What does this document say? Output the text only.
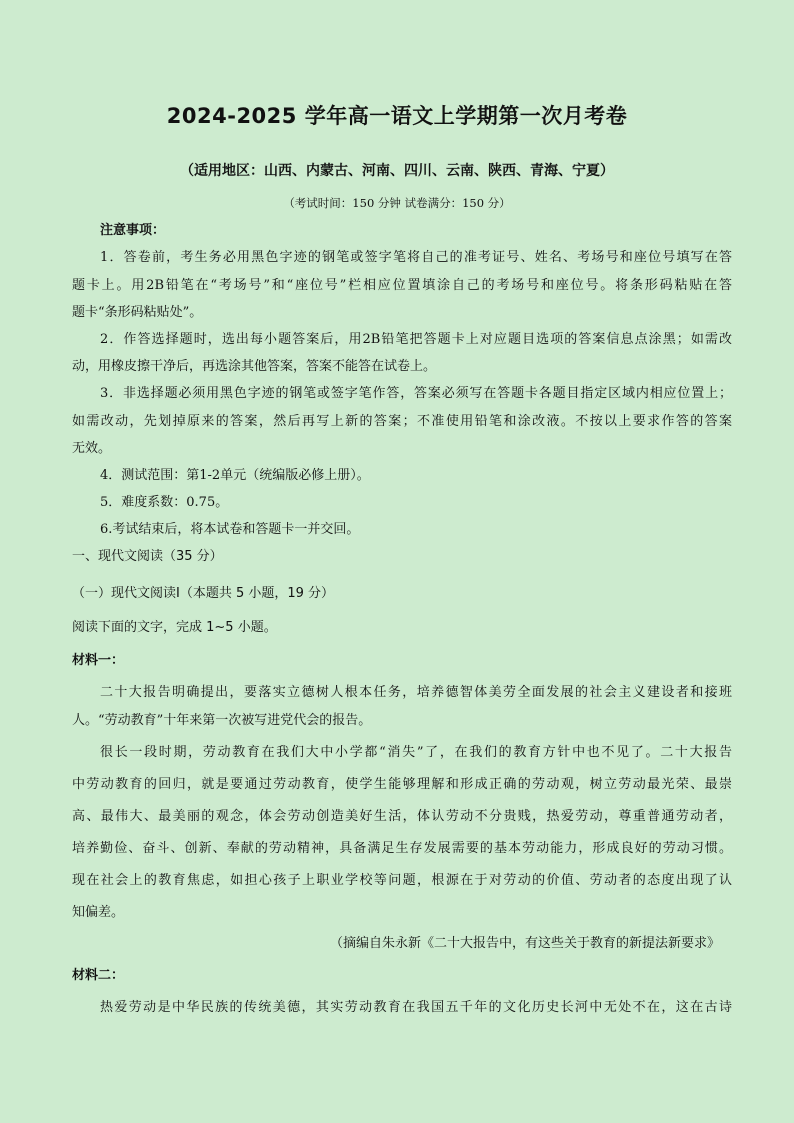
2024-2025 学年高一语文上学期第一次月考卷
（适用地区：山西、内蒙古、河南、四川、云南、陕西、青海、宁夏）
（考试时间：150 分钟 试卷满分：150 分）
注意事项：
1．答卷前，考生务必用黑色字迹的钢笔或签字笔将自己的准考证号、姓名、考场号和座位号填写在答
题卡上。用2B铅笔在“考场号”和“座位号”栏相应位置填涂自己的考场号和座位号。将条形码粘贴在答
题卡“条形码粘贴处”。
2．作答选择题时，选出每小题答案后，用2B铅笔把答题卡上对应题目选项的答案信息点涂黑；如需改
动，用橡皮擦干净后，再选涂其他答案，答案不能答在试卷上。
3．非选择题必须用黑色字迹的钢笔或签字笔作答，答案必须写在答题卡各题目指定区域内相应位置上；
如需改动，先划掉原来的答案，然后再写上新的答案；不准使用铅笔和涂改液。不按以上要求作答的答案
无效。
4．测试范围：第1-2单元（统编版必修上册）。
5．难度系数：0.75。
6.考试结束后，将本试卷和答题卡一并交回。
一、现代文阅读（35 分）
（一）现代文阅读Ⅰ（本题共 5 小题，19 分）
阅读下面的文字，完成 1~5 小题。
材料一：
二十大报告明确提出，要落实立德树人根本任务，培养德智体美劳全面发展的社会主义建设者和接班
人。“劳动教育”十年来第一次被写进党代会的报告。
很长一段时期，劳动教育在我们大中小学都“消失”了，在我们的教育方针中也不见了。二十大报告
中劳动教育的回归，就是要通过劳动教育，使学生能够理解和形成正确的劳动观，树立劳动最光荣、最崇
高、最伟大、最美丽的观念，体会劳动创造美好生活，体认劳动不分贵贱，热爱劳动，尊重普通劳动者，
培养勤俭、奋斗、创新、奉献的劳动精神，具备满足生存发展需要的基本劳动能力，形成良好的劳动习惯。
现在社会上的教育焦虑，如担心孩子上职业学校等问题，根源在于对劳动的价值、劳动者的态度出现了认
知偏差。
（摘编自朱永新《二十大报告中，有这些关于教育的新提法新要求》
材料二：
热爱劳动是中华民族的传统美德，其实劳动教育在我国五千年的文化历史长河中无处不在，这在古诗
